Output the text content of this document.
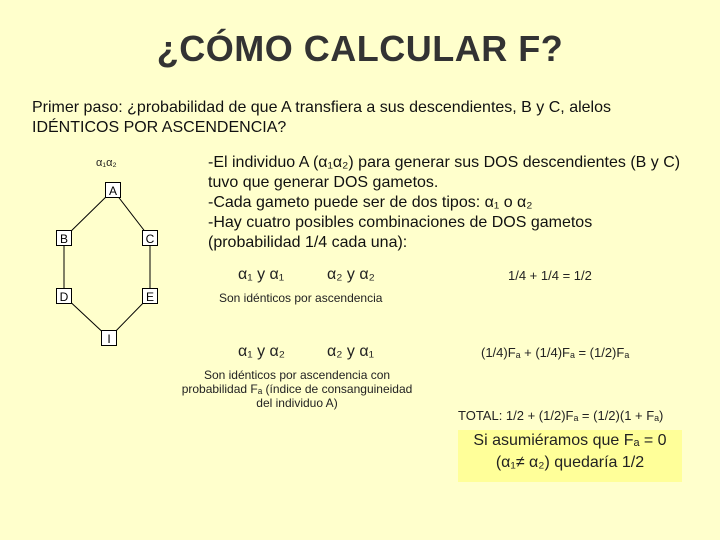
¿CÓMO CALCULAR F?
Primer paso: ¿probabilidad de que A transfiera a sus descendientes, B y C, alelos IDÉNTICOS POR ASCENDENCIA?
α₁α₂
A
B	C
D	E
I
-El individuo A (α₁α₂) para generar sus DOS descendientes (B y C) tuvo que generar DOS gametos.
-Cada gameto puede ser de dos tipos: α₁ o α₂
-Hay cuatro posibles combinaciones de DOS gametos (probabilidad 1/4 cada una):
α₁ y α₁	α₂ y α₂	1/4 + 1/4 = 1/2
Son idénticos por ascendencia
α₁ y α₂	α₂ y α₁	(1/4)Fₐ + (1/4)Fₐ = (1/2)Fₐ
Son idénticos por ascendencia con
probabilidad Fₐ (índice de consanguineidad
del individuo A)
TOTAL: 1/2 + (1/2)Fₐ = (1/2)(1 + Fₐ)
Si asumiéramos que Fₐ = 0
(α₁≠ α₂) quedaría 1/2
